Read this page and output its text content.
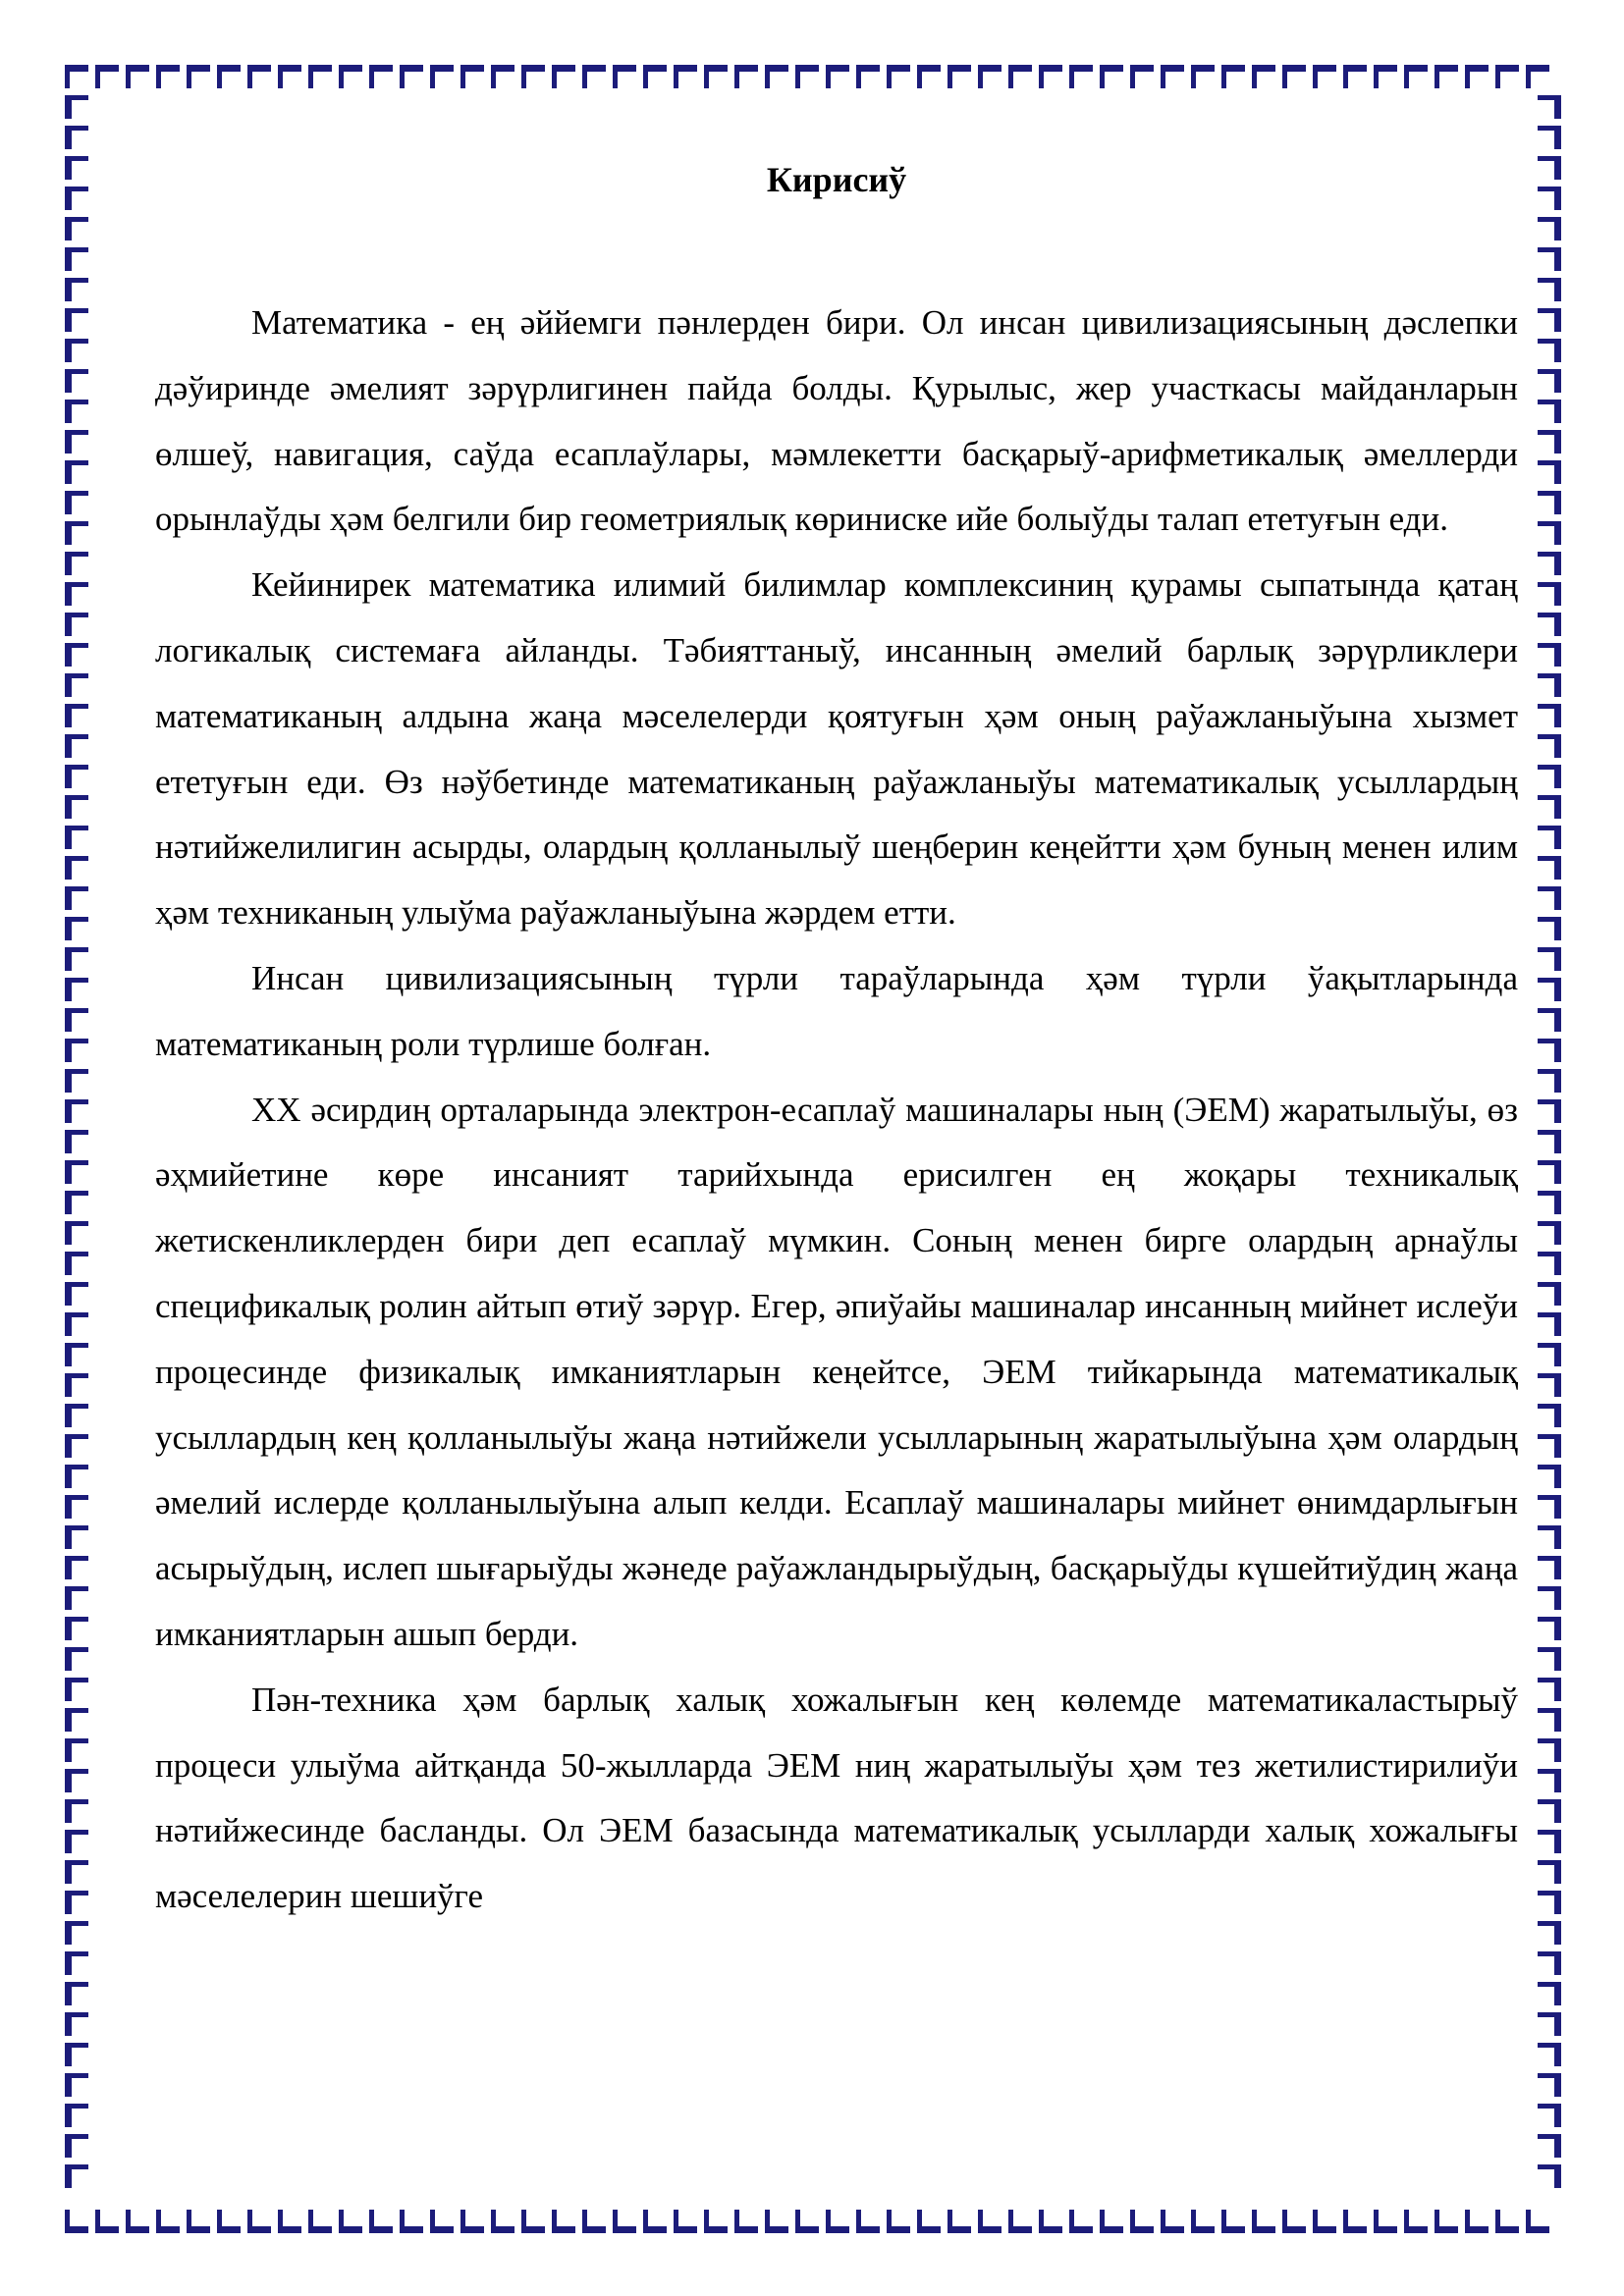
Кирисиў

Математика - ең әййемги пәнлерден бири. Ол инсан цивилизациясының дәслепки дәўиринде әмелият зәрүрлигинен пайда болды. Қурылыс, жер участкасы майданларын өлшеў, навигация, саўда есаплаўлары, мәмлекетти басқарыў-арифметикалық әмеллерди орынлаўды ҳәм белгили бир геометриялық көриниске ийе болыўды талап ететуғын еди.

Кейинирек математика илимий билимлар комплексиниң қурамы сыпатында қатаң логикалық системаға айланды. Тәбияттаныў, инсанның әмелий барлық зәрүрликлери математиканың алдына жаңа мәселелерди қоятуғын ҳәм оның раўажланыўына хызмет ететуғын еди. Өз нәўбетинде математиканың раўажланыўы математикалық усыллардың нәтийжелилигин асырды, олардың қолланылыў шеңберин кеңейтти ҳәм буның менен илим ҳәм техниканың улыўма раўажланыўына жәрдем етти.

Инсан цивилизациясының түрли тараўларында ҳәм түрли ўақытларында математиканың роли түрлише болған.

XX әсирдиң орталарында электрон-есаплаў машиналары ның (ЭЕМ) жаратылыўы, өз әҳмийетине көре инсаният тарийхында ерисилген ең жоқары техникалық жетискенликлерден бири деп есаплаў мүмкин. Соның менен бирге олардың арнаўлы спецификалық ролин айтып өтиў зәрүр. Егер, әпиўайы машиналар инсанның мийнет ислеўи процесинде физикалық имканиятларын кеңейтсе, ЭЕМ тийкарында математикалық усыллардың кең қолланылыўы жаңа нәтийжели усылларының жаратылыўына ҳәм олардың әмелий ислерде қолланылыўына алып келди. Есаплаў машиналары мийнет өнимдарлығын асырыўдың, ислеп шығарыўды жәнеде раўажландырыўдың, басқарыўды күшейтиўдиң жаңа имканиятларын ашып берди.

Пән-техника ҳәм барлық халық хожалығын кең көлемде математикаластырыў процеси улыўма айтқанда 50-жылларда ЭЕМ ниң жаратылыўы ҳәм тез жетилистирилиўи нәтийжесинде басланды. Ол ЭЕМ базасында математикалық усылларди халық хожалығы мәселелерин шешиўге
